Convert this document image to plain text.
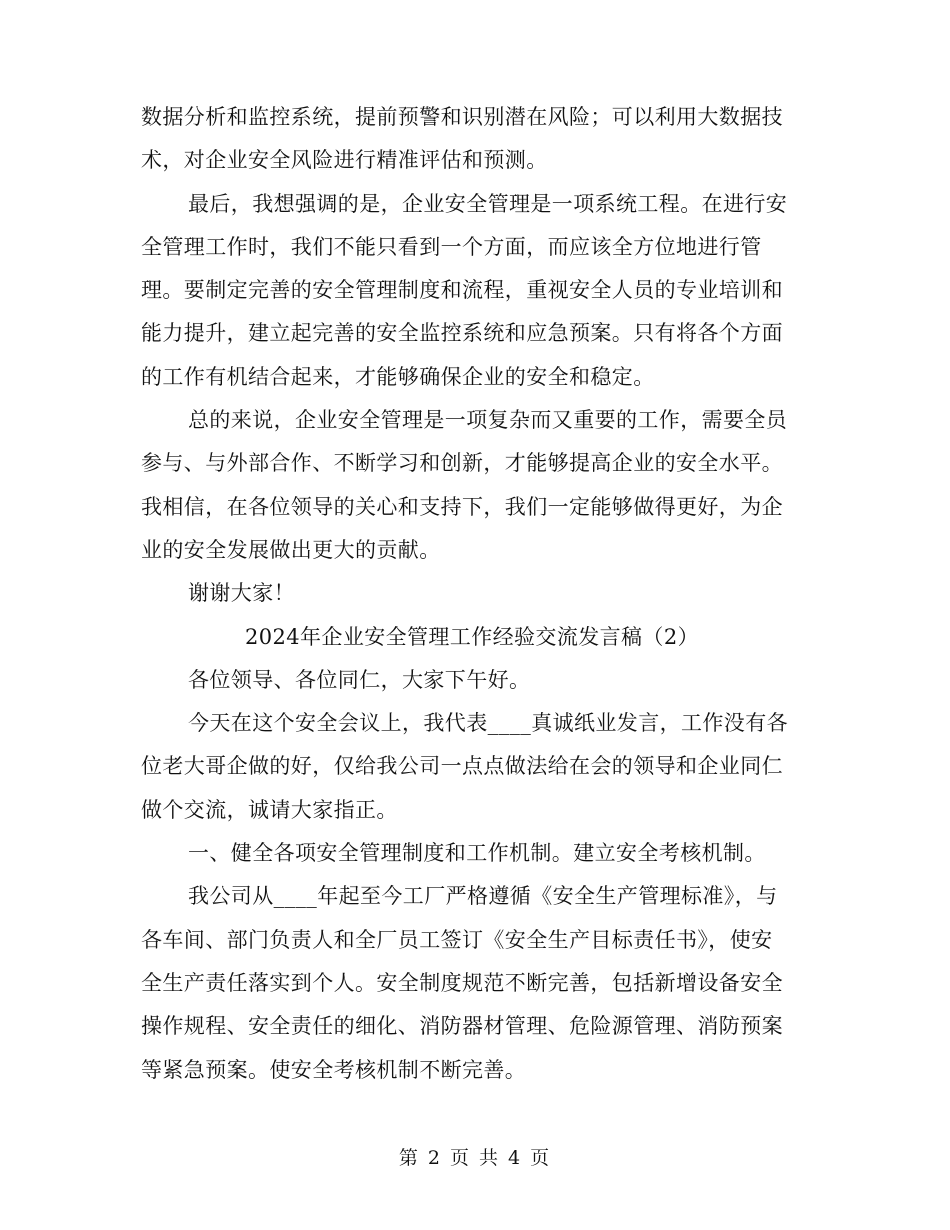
数据分析和监控系统，提前预警和识别潜在风险；可以利用大数据技
术，对企业安全风险进行精准评估和预测。
最后，我想强调的是，企业安全管理是一项系统工程。在进行安
全管理工作时，我们不能只看到一个方面，而应该全方位地进行管
理。要制定完善的安全管理制度和流程，重视安全人员的专业培训和
能力提升，建立起完善的安全监控系统和应急预案。只有将各个方面
的工作有机结合起来，才能够确保企业的安全和稳定。
总的来说，企业安全管理是一项复杂而又重要的工作，需要全员
参与、与外部合作、不断学习和创新，才能够提高企业的安全水平。
我相信，在各位领导的关心和支持下，我们一定能够做得更好，为企
业的安全发展做出更大的贡献。
谢谢大家！
2024年企业安全管理工作经验交流发言稿（2）
各位领导、各位同仁，大家下午好。
今天在这个安全会议上，我代表____真诚纸业发言，工作没有各
位老大哥企做的好，仅给我公司一点点做法给在会的领导和企业同仁
做个交流，诚请大家指正。
一、健全各项安全管理制度和工作机制。建立安全考核机制。
我公司从____年起至今工厂严格遵循《安全生产管理标准》，与
各车间、部门负责人和全厂员工签订《安全生产目标责任书》，使安
全生产责任落实到个人。安全制度规范不断完善，包括新增设备安全
操作规程、安全责任的细化、消防器材管理、危险源管理、消防预案
等紧急预案。使安全考核机制不断完善。
第 2 页 共 4 页
